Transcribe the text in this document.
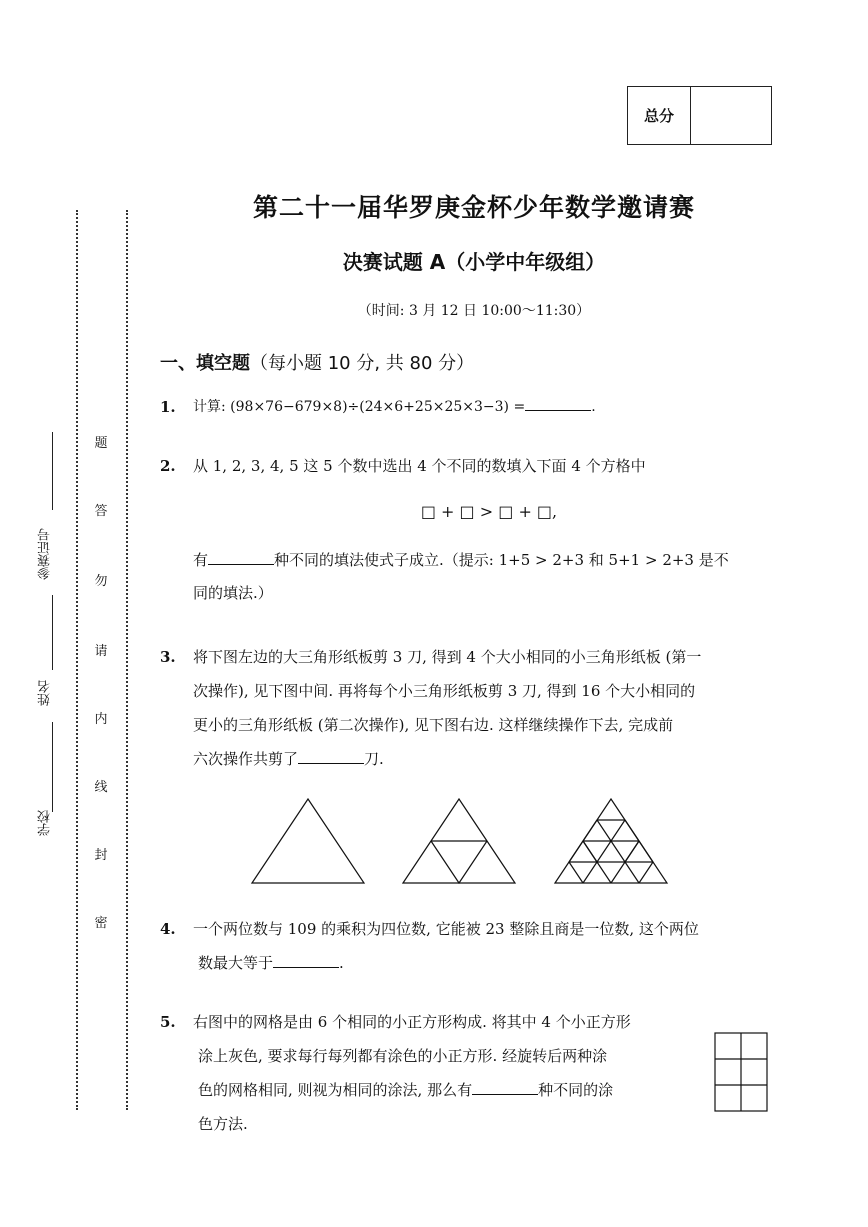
总分
参赛证号
姓名
学校
题
答
勿
请
内
线
封
密
第二十一届华罗庚金杯少年数学邀请赛
决赛试题 A（小学中年级组）
（时间: 3 月 12 日 10:00～11:30）
一、填空题（每小题 10 分, 共 80 分）
1. 计算: (98×76−679×8)÷(24×6+25×25×3−3) =	.
2. 从 1, 2, 3, 4, 5 这 5 个数中选出 4 个不同的数填入下面 4 个方格中
□ + □ > □ + □,
有	种不同的填法使式子成立.（提示: 1+5 > 2+3 和 5+1 > 2+3 是不
同的填法.）
3. 将下图左边的大三角形纸板剪 3 刀, 得到 4 个大小相同的小三角形纸板 (第一
次操作), 见下图中间. 再将每个小三角形纸板剪 3 刀, 得到 16 个大小相同的
更小的三角形纸板 (第二次操作), 见下图右边. 这样继续操作下去, 完成前
六次操作共剪了	刀.
4. 一个两位数与 109 的乘积为四位数, 它能被 23 整除且商是一位数, 这个两位
数最大等于	.
5. 右图中的网格是由 6 个相同的小正方形构成. 将其中 4 个小正方形
涂上灰色, 要求每行每列都有涂色的小正方形. 经旋转后两种涂
色的网格相同, 则视为相同的涂法, 那么有	种不同的涂
色方法.
